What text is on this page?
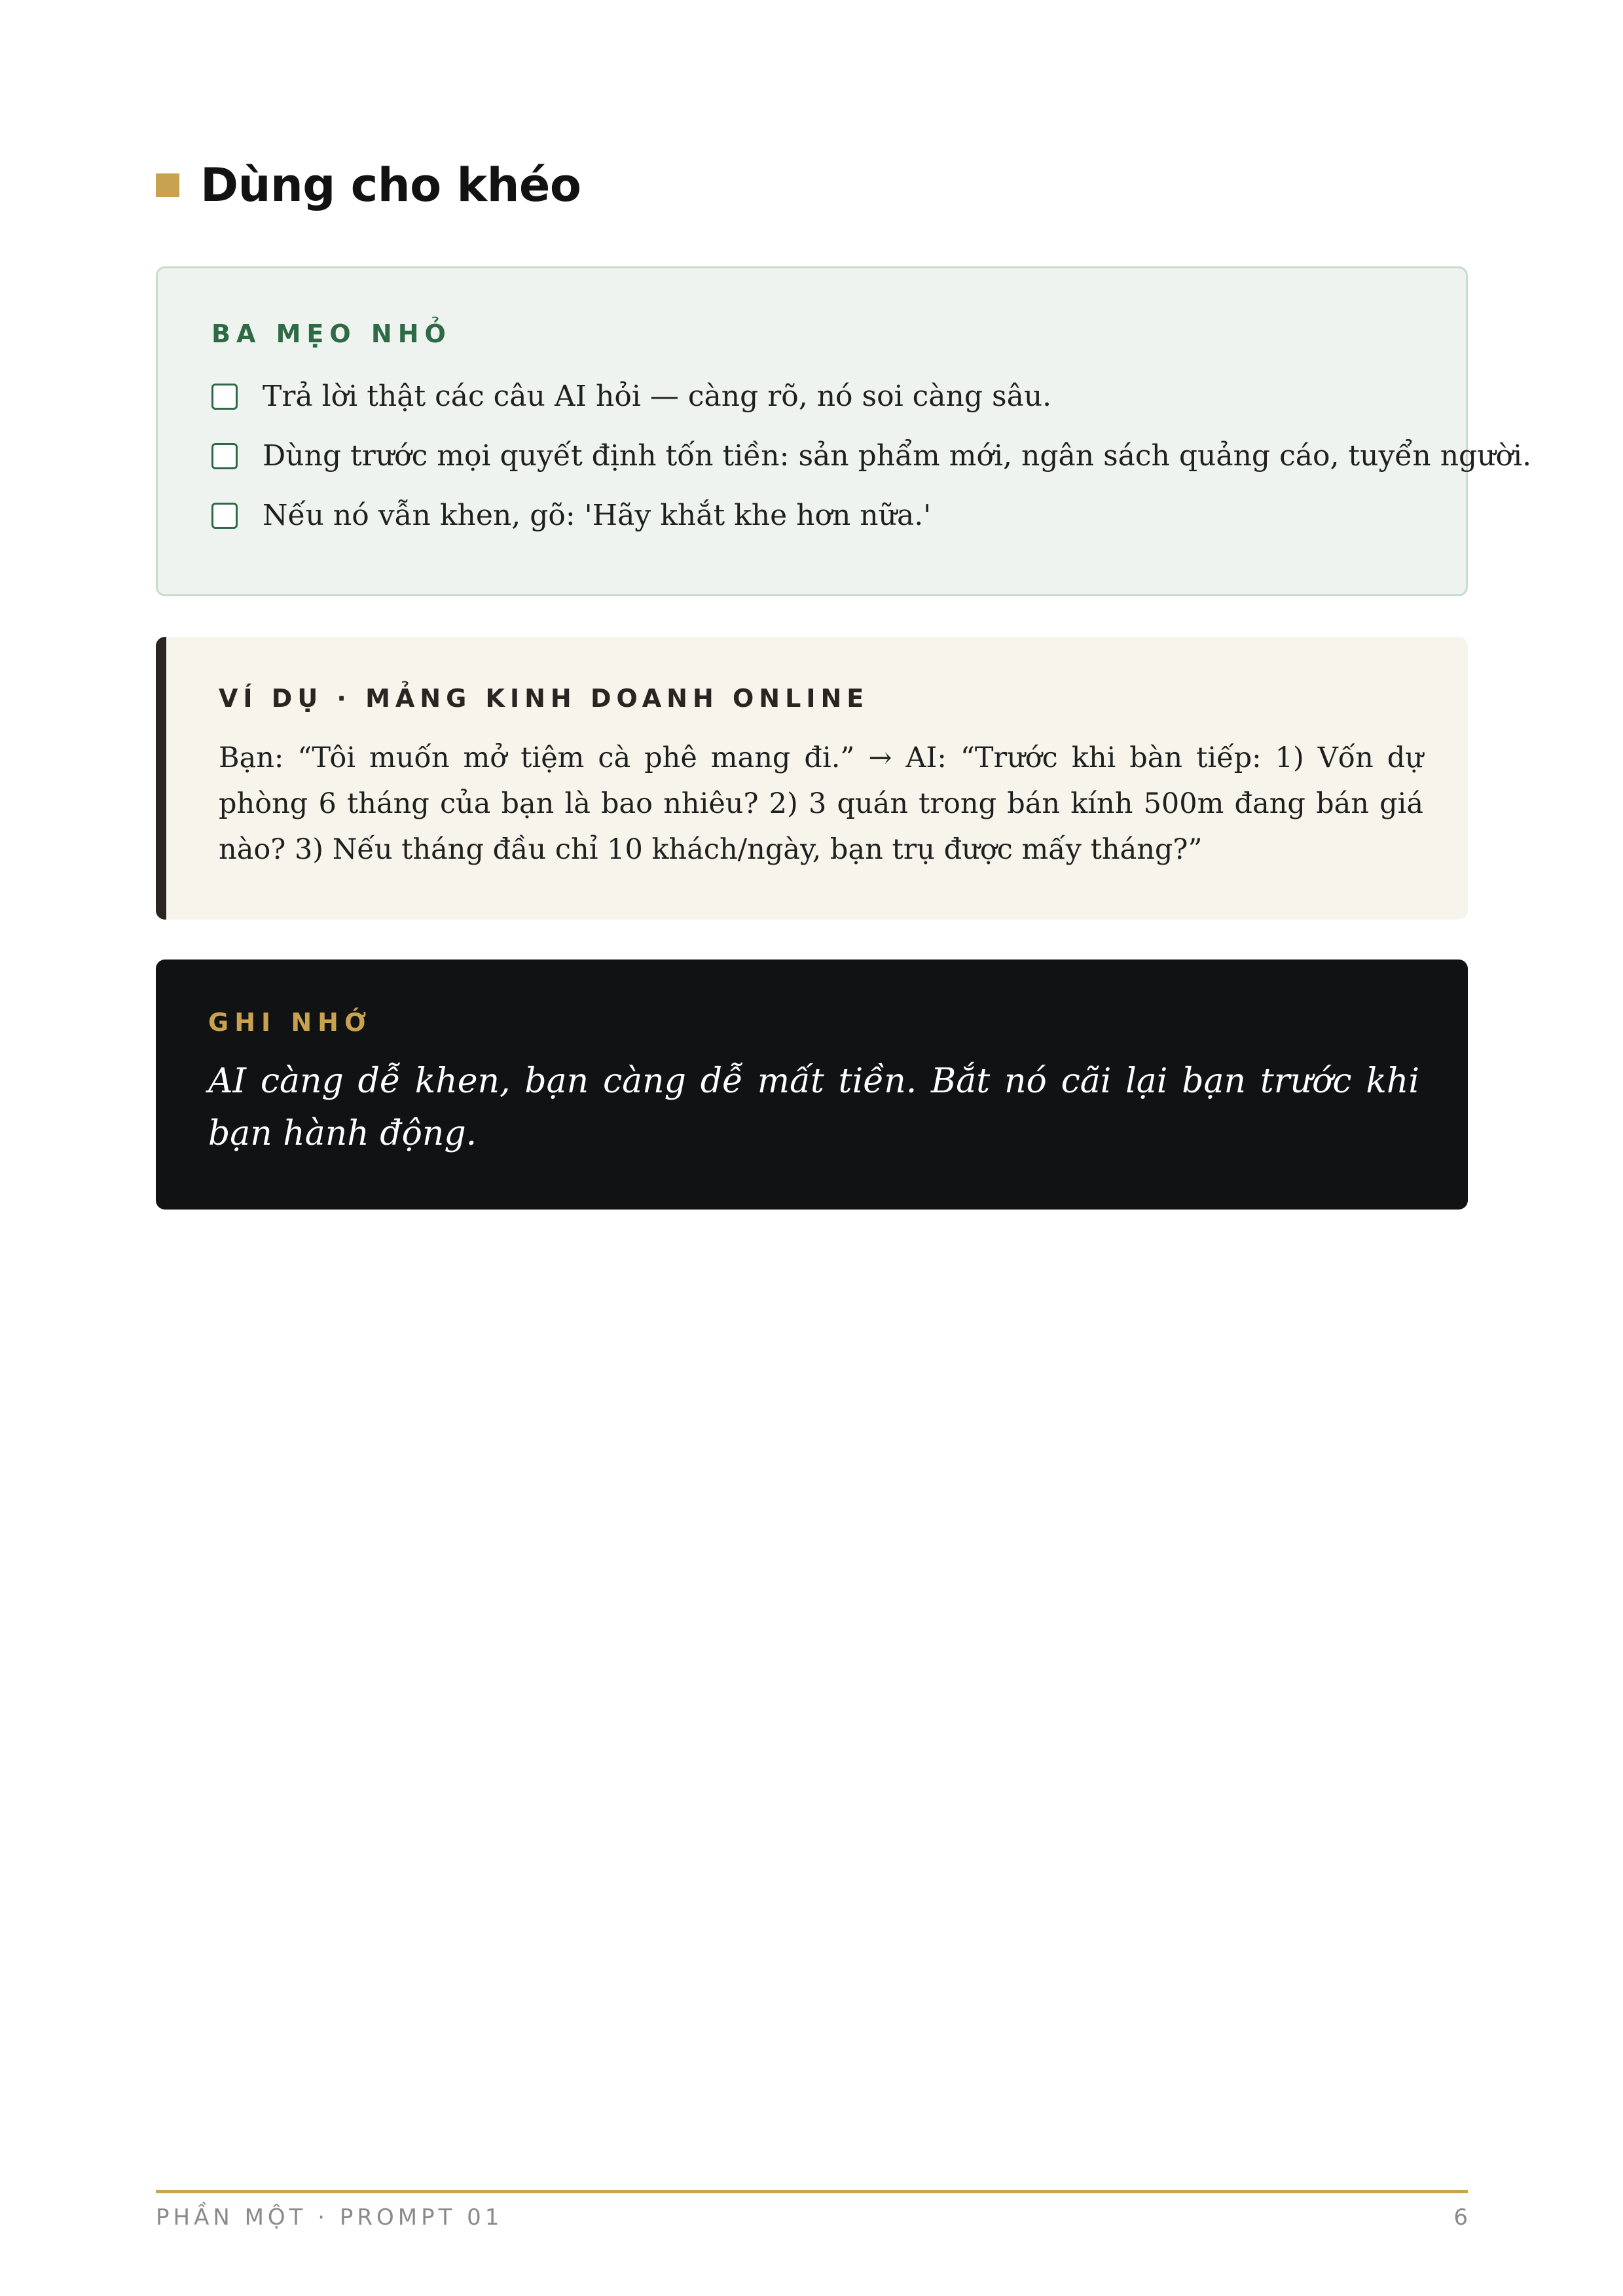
Dùng cho khéo
BA MẸO NHỎ
Trả lời thật các câu AI hỏi — càng rõ, nó soi càng sâu.
Dùng trước mọi quyết định tốn tiền: sản phẩm mới, ngân sách quảng cáo, tuyển người.
Nếu nó vẫn khen, gõ: 'Hãy khắt khe hơn nữa.'
VÍ DỤ · MẢNG KINH DOANH ONLINE
Bạn: “Tôi muốn mở tiệm cà phê mang đi.” → AI: “Trước khi bàn tiếp: 1) Vốn dự phòng 6 tháng của bạn là bao nhiêu? 2) 3 quán trong bán kính 500m đang bán giá nào? 3) Nếu tháng đầu chỉ 10 khách/ngày, bạn trụ được mấy tháng?”
GHI NHỚ
AI càng dễ khen, bạn càng dễ mất tiền. Bắt nó cãi lại bạn trước khi bạn hành động.
PHẦN MỘT · PROMPT 01	6
